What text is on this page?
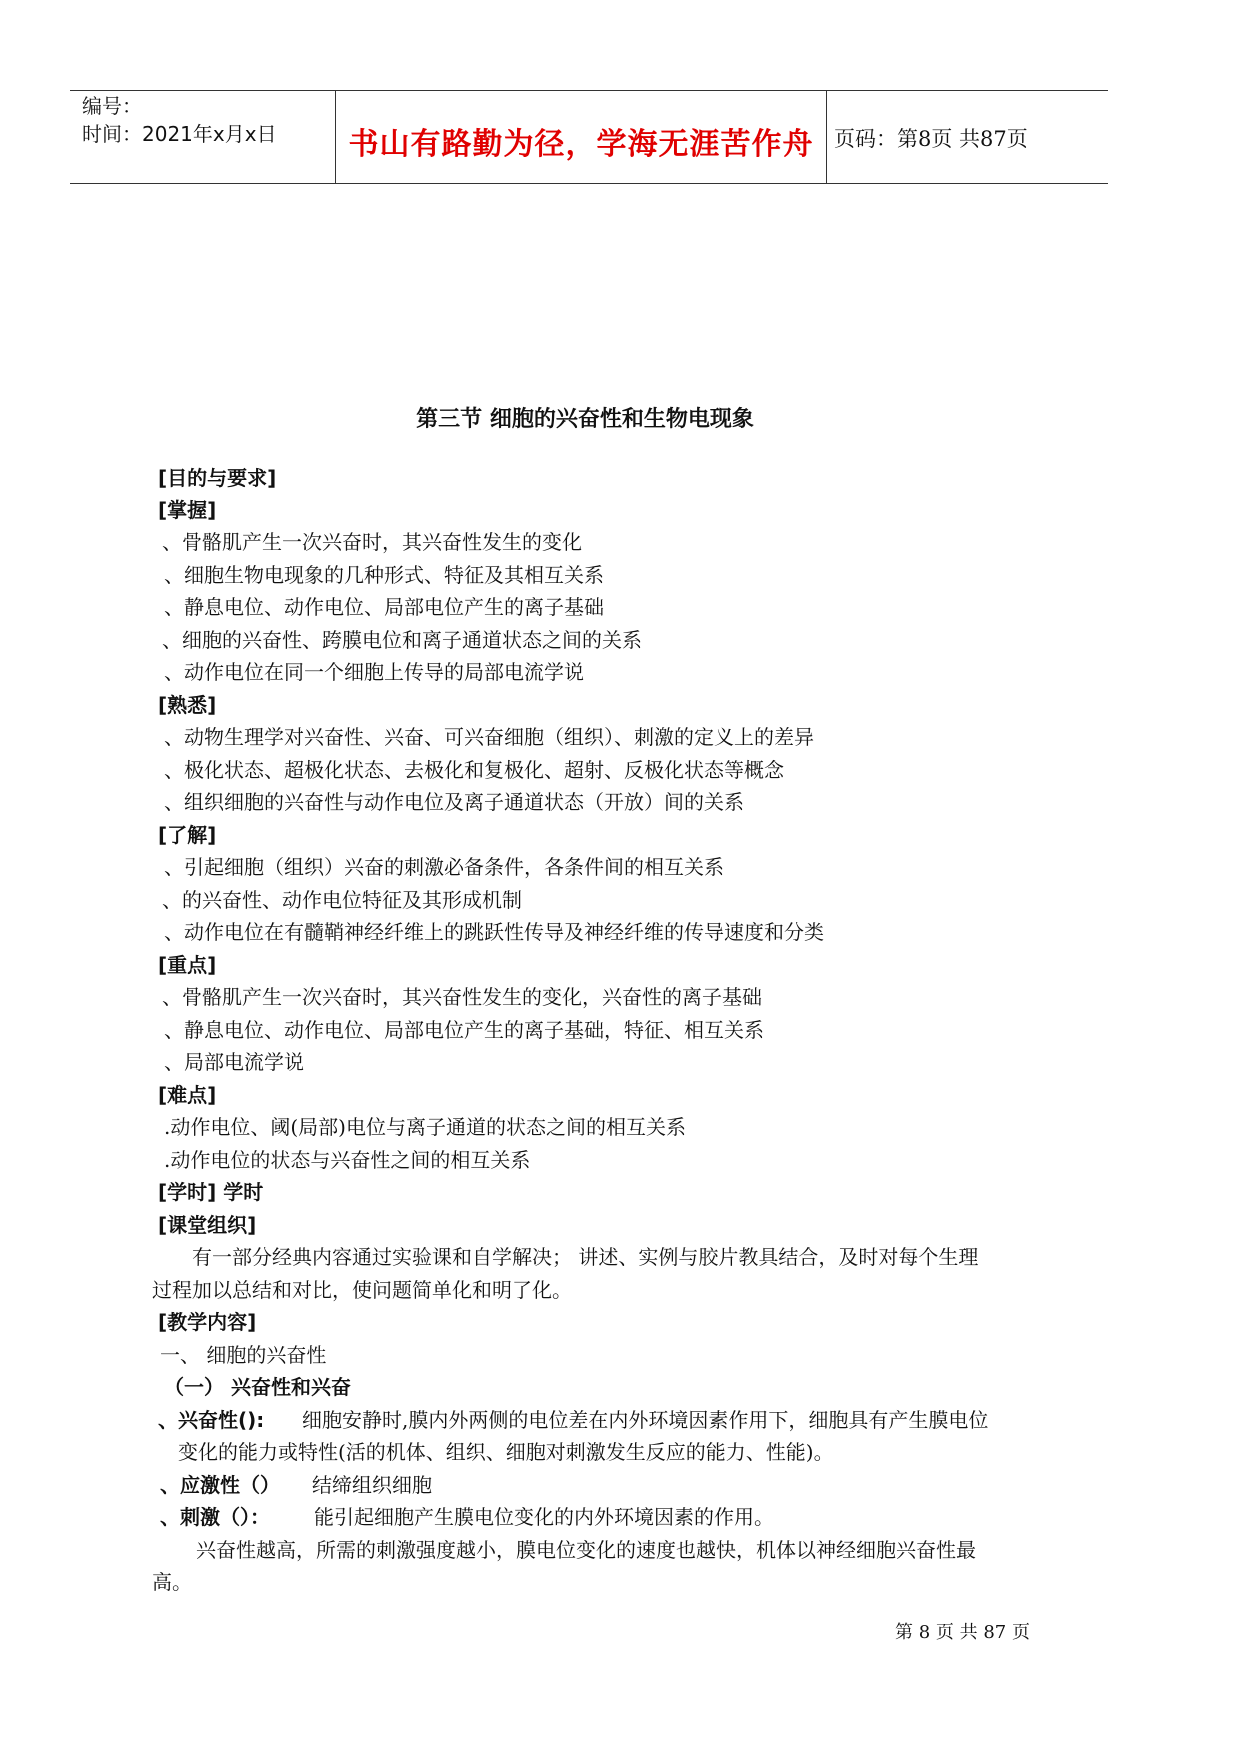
编号：
时间：2021年x月x日	书山有路勤为径，学海无涯苦作舟 页码：第8页 共87页
第三节 细胞的兴奋性和生物电现象
[目的与要求]
[掌握]
、骨骼肌产生一次兴奋时，其兴奋性发生的变化
、细胞生物电现象的几种形式、特征及其相互关系
、静息电位、动作电位、局部电位产生的离子基础
、细胞的兴奋性、跨膜电位和离子通道状态之间的关系
、动作电位在同一个细胞上传导的局部电流学说
[熟悉]
、动物生理学对兴奋性、兴奋、可兴奋细胞（组织）、刺激的定义上的差异
、极化状态、超极化状态、去极化和复极化、超射、反极化状态等概念
、组织细胞的兴奋性与动作电位及离子通道状态（开放）间的关系
[了解]
、引起细胞（组织）兴奋的刺激必备条件，各条件间的相互关系
、的兴奋性、动作电位特征及其形成机制
、动作电位在有髓鞘神经纤维上的跳跃性传导及神经纤维的传导速度和分类
[重点]
、骨骼肌产生一次兴奋时，其兴奋性发生的变化，兴奋性的离子基础
、静息电位、动作电位、局部电位产生的离子基础，特征、相互关系
、局部电流学说
[难点]
.动作电位、阈(局部)电位与离子通道的状态之间的相互关系
.动作电位的状态与兴奋性之间的相互关系
[学时] 学时
[课堂组织]
有一部分经典内容通过实验课和自学解决； 讲述、实例与胶片教具结合，及时对每个生理
过程加以总结和对比，使问题简单化和明了化。
[教学内容]
一、 细胞的兴奋性
（一） 兴奋性和兴奋
、兴奋性(): 细胞安静时,膜内外两侧的电位差在内外环境因素作用下，细胞具有产生膜电位
变化的能力或特性(活的机体、组织、细胞对刺激发生反应的能力、性能)。
、应激性（） 结缔组织细胞
、刺激（）： 能引起细胞产生膜电位变化的内外环境因素的作用。
兴奋性越高，所需的刺激强度越小，膜电位变化的速度也越快，机体以神经细胞兴奋性最
高。
第 8 页 共 87 页
